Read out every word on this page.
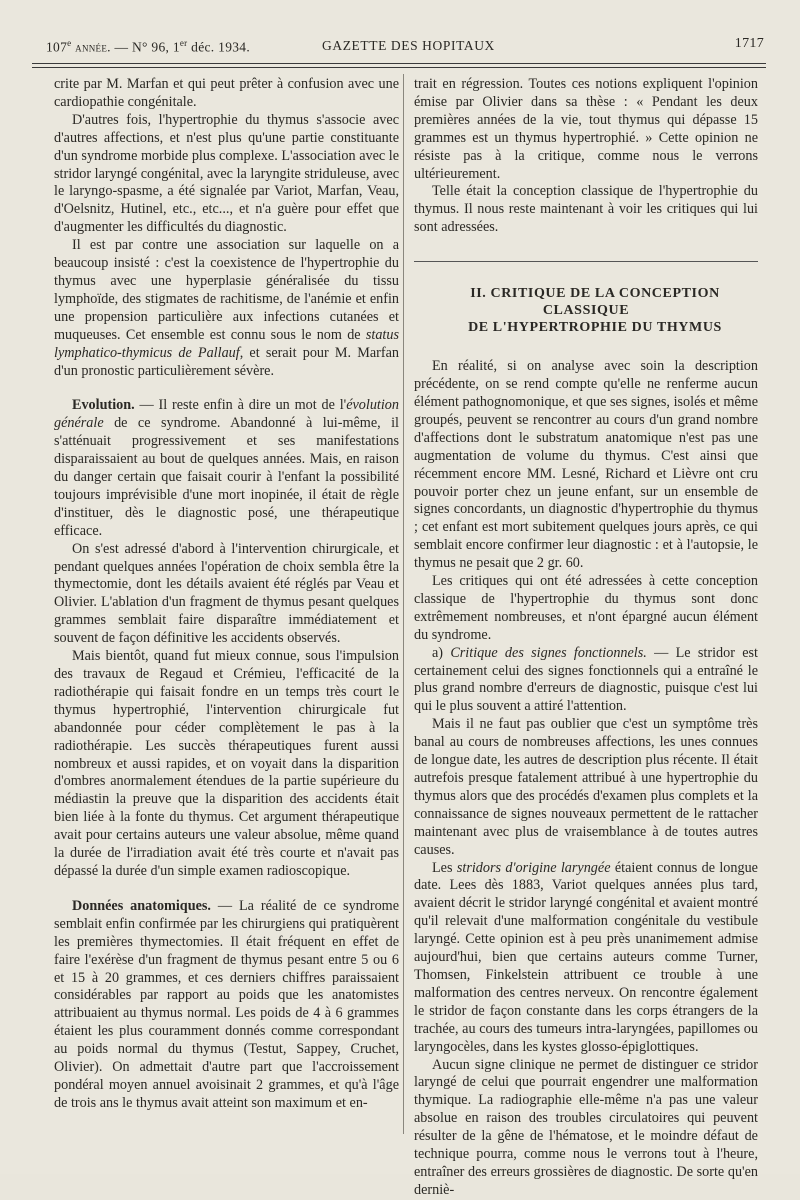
107e année. — N° 96, 1er déc. 1934.	GAZETTE DES HOPITAUX	1717

crite par M. Marfan et qui peut prêter à confusion avec une cardiopathie congénitale.

D'autres fois, l'hypertrophie du thymus s'associe avec d'autres affections, et n'est plus qu'une partie constituante d'un syndrome morbide plus complexe. L'association avec le stridor laryngé congénital, avec la laryngite striduleuse, avec le laryngo-spasme, a été signalée par Variot, Marfan, Veau, d'Oelsnitz, Hutinel, etc., etc..., et n'a guère pour effet que d'augmenter les difficultés du diagnostic.

Il est par contre une association sur laquelle on a beaucoup insisté : c'est la coexistence de l'hypertrophie du thymus avec une hyperplasie généralisée du tissu lymphoïde, des stigmates de rachitisme, de l'anémie et enfin une propension particulière aux infections cutanées et muqueuses. Cet ensemble est connu sous le nom de status lymphatico-thymicus de Pallauf, et serait pour M. Marfan d'un pronostic particulièrement sévère.

Evolution. — Il reste enfin à dire un mot de l'évolution générale de ce syndrome. Abandonné à lui-même, il s'atténuait progressivement et ses manifestations disparaissaient au bout de quelques années. Mais, en raison du danger certain que faisait courir à l'enfant la possibilité toujours imprévisible d'une mort inopinée, il était de règle d'instituer, dès le diagnostic posé, une thérapeutique efficace.

On s'est adressé d'abord à l'intervention chirurgicale, et pendant quelques années l'opération de choix sembla être la thymectomie, dont les détails avaient été réglés par Veau et Olivier. L'ablation d'un fragment de thymus pesant quelques grammes semblait faire disparaître immédiatement et souvent de façon définitive les accidents observés.

Mais bientôt, quand fut mieux connue, sous l'impulsion des travaux de Regaud et Crémieu, l'efficacité de la radiothérapie qui faisait fondre en un temps très court le thymus hypertrophié, l'intervention chirurgicale fut abandonnée pour céder complètement le pas à la radiothérapie. Les succès thérapeutiques furent aussi nombreux et aussi rapides, et on voyait dans la disparition d'ombres anormalement étendues de la partie supérieure du médiastin la preuve que la disparition des accidents était bien liée à la fonte du thymus. Cet argument thérapeutique avait pour certains auteurs une valeur absolue, même quand la durée de l'irradiation avait été très courte et n'avait pas dépassé la durée d'un simple examen radioscopique.

Données anatomiques. — La réalité de ce syndrome semblait enfin confirmée par les chirurgiens qui pratiquèrent les premières thymectomies. Il était fréquent en effet de faire l'exérèse d'un fragment de thymus pesant entre 5 ou 6 et 15 à 20 grammes, et ces derniers chiffres paraissaient considérables par rapport au poids que les anatomistes attribuaient au thymus normal. Les poids de 4 à 6 grammes étaient les plus couramment donnés comme correspondant au poids normal du thymus (Testut, Sappey, Cruchet, Olivier). On admettait d'autre part que l'accroissement pondéral moyen annuel avoisinait 2 grammes, et qu'à l'âge de trois ans le thymus avait atteint son maximum et en-

trait en régression. Toutes ces notions expliquent l'opinion émise par Olivier dans sa thèse : « Pendant les deux premières années de la vie, tout thymus qui dépasse 15 grammes est un thymus hypertrophié. » Cette opinion ne résiste pas à la critique, comme nous le verrons ultérieurement.

Telle était la conception classique de l'hypertrophie du thymus. Il nous reste maintenant à voir les critiques qui lui sont adressées.

II. CRITIQUE DE LA CONCEPTION CLASSIQUE

DE L'HYPERTROPHIE DU THYMUS

En réalité, si on analyse avec soin la description précédente, on se rend compte qu'elle ne renferme aucun élément pathognomonique, et que ses signes, isolés et même groupés, peuvent se rencontrer au cours d'un grand nombre d'affections dont le substratum anatomique n'est pas une augmentation de volume du thymus. C'est ainsi que récemment encore MM. Lesné, Richard et Lièvre ont cru pouvoir porter chez un jeune enfant, sur un ensemble de signes concordants, un diagnostic d'hypertrophie du thymus ; cet enfant est mort subitement quelques jours après, ce qui semblait encore confirmer leur diagnostic : et à l'autopsie, le thymus ne pesait que 2 gr. 60.

Les critiques qui ont été adressées à cette conception classique de l'hypertrophie du thymus sont donc extrêmement nombreuses, et n'ont épargné aucun élément du syndrome.

a) Critique des signes fonctionnels. — Le stridor est certainement celui des signes fonctionnels qui a entraîné le plus grand nombre d'erreurs de diagnostic, puisque c'est lui qui le plus souvent a attiré l'attention.

Mais il ne faut pas oublier que c'est un symptôme très banal au cours de nombreuses affections, les unes connues de longue date, les autres de description plus récente. Il était autrefois presque fatalement attribué à une hypertrophie du thymus alors que des procédés d'examen plus complets et la connaissance de signes nouveaux permettent de le rattacher maintenant avec plus de vraisemblance à de toutes autres causes.

Les stridors d'origine laryngée étaient connus de longue date. Lees dès 1883, Variot quelques années plus tard, avaient décrit le stridor laryngé congénital et avaient montré qu'il relevait d'une malformation congénitale du vestibule laryngé. Cette opinion est à peu près unanimement admise aujourd'hui, bien que certains auteurs comme Turner, Thomsen, Finkelstein attribuent ce trouble à une malformation des centres nerveux. On rencontre également le stridor de façon constante dans les corps étrangers de la trachée, au cours des tumeurs intra-laryngées, papillomes ou laryngocèles, dans les kystes glosso-épiglottiques.

Aucun signe clinique ne permet de distinguer ce stridor laryngé de celui que pourrait engendrer une malformation thymique. La radiographie elle-même n'a pas une valeur absolue en raison des troubles circulatoires qui peuvent résulter de la gêne de l'hématose, et le moindre défaut de technique pourra, comme nous le verrons tout à l'heure, entraîner des erreurs grossières de diagnostic. De sorte qu'en derniè-
